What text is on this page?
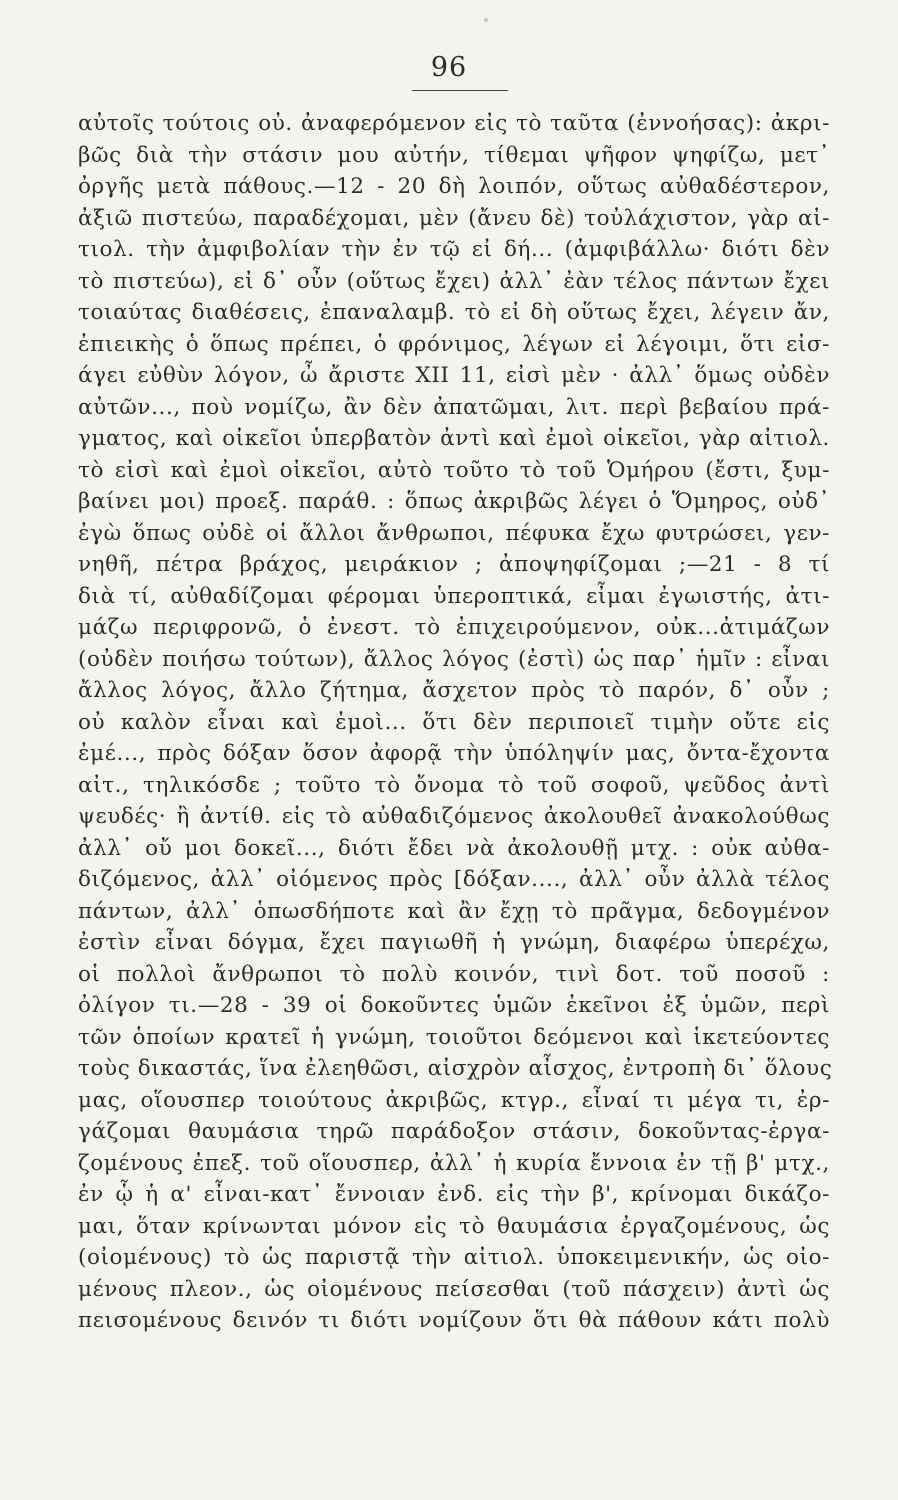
96
αὐτοῖς τούτοις οὐ. ἀναφερόμενον εἰς τὸ ταῦτα (ἐννοήσας): ἀκρι-
βῶς διὰ τὴν στάσιν μου αὐτήν, τίθεμαι ψῆφον ψηφίζω, μετ᾽
ὀργῆς μετὰ πάθους.—12 - 20 δὴ λοιπόν, οὕτως αὐθαδέστερον,
ἀξιῶ πιστεύω, παραδέχομαι, μὲν (ἄνευ δὲ) τοὐλάχιστον, γὰρ αἰ-
τιολ. τὴν ἀμφιβολίαν τὴν ἐν τῷ εἰ δή... (ἀμφιβάλλω· διότι δὲν
τὸ πιστεύω), εἰ δ᾽ οὖν (οὕτως ἔχει) ἀλλ᾽ ἐὰν τέλος πάντων ἔχει
τοιαύτας διαθέσεις, ἐπαναλαμβ. τὸ εἰ δὴ οὕτως ἔχει, λέγειν ἄν,
ἐπιεικὴς ὁ ὅπως πρέπει, ὁ φρόνιμος, λέγων εἰ λέγοιμι, ὅτι εἰσ-
άγει εὐθὺν λόγον, ὦ ἄριστε XII 11, εἰσὶ μὲν · ἀλλ᾽ ὅμως οὐδὲν
αὐτῶν..., ποὺ νομίζω, ἂν δὲν ἀπατῶμαι, λιτ. περὶ βεβαίου πρά-
γματος, καὶ οἰκεῖοι ὑπερβατὸν ἀντὶ καὶ ἐμοὶ οἰκεῖοι, γὰρ αἰτιολ.
τὸ εἰσὶ καὶ ἐμοὶ οἰκεῖοι, αὐτὸ τοῦτο τὸ τοῦ Ὁμήρου (ἔστι, ξυμ-
βαίνει μοι) προεξ. παράθ. : ὅπως ἀκριβῶς λέγει ὁ Ὅμηρος, οὐδ᾽
ἐγὼ ὅπως οὐδὲ οἱ ἄλλοι ἄνθρωποι, πέφυκα ἔχω φυτρώσει, γεν-
νηθῆ, πέτρα βράχος, μειράκιον ; ἀποψηφίζομαι ;—21 - 8 τί
διὰ τί, αὐθαδίζομαι φέρομαι ὑπεροπτικά, εἶμαι ἐγωιστής, ἀτι-
μάζω περιφρονῶ, ὁ ἐνεστ. τὸ ἐπιχειρούμενον, οὐκ...ἀτιμάζων
(οὐδὲν ποιήσω τούτων), ἄλλος λόγος (ἐστὶ) ὡς παρ᾽ ἡμῖν : εἶναι
ἄλλος λόγος, ἄλλο ζήτημα, ἄσχετον πρὸς τὸ παρόν, δ᾽ οὖν ;
οὐ καλὸν εἶναι καὶ ἐμοὶ... ὅτι δὲν περιποιεῖ τιμὴν οὔτε εἰς
ἐμέ..., πρὸς δόξαν ὅσον ἀφορᾷ τὴν ὑπόληψίν μας, ὄντα-ἔχοντα
αἰτ., τηλικόσδε ; τοῦτο τὸ ὄνομα τὸ τοῦ σοφοῦ, ψεῦδος ἀντὶ
ψευδές· ἢ ἀντίθ. εἰς τὸ αὐθαδιζόμενος ἀκολουθεῖ ἀνακολούθως
ἀλλ᾽ οὔ μοι δοκεῖ..., διότι ἔδει νὰ ἀκολουθῇ μτχ. : οὐκ αὐθα-
διζόμενος, ἀλλ᾽ οἰόμενος πρὸς [δόξαν...., ἀλλ᾽ οὖν ἀλλὰ τέλος
πάντων, ἀλλ᾽ ὁπωσδήποτε καὶ ἂν ἔχῃ τὸ πρᾶγμα, δεδογμένον
ἐστὶν εἶναι δόγμα, ἔχει παγιωθῆ ἡ γνώμη, διαφέρω ὑπερέχω,
οἱ πολλοὶ ἄνθρωποι τὸ πολὺ κοινόν, τινὶ δοτ. τοῦ ποσοῦ :
ὀλίγον τι.—28 - 39 οἱ δοκοῦντες ὑμῶν ἐκεῖνοι ἐξ ὑμῶν, περὶ
τῶν ὁποίων κρατεῖ ἡ γνώμη, τοιοῦτοι δεόμενοι καὶ ἱκετεύοντες
τοὺς δικαστάς, ἵνα ἐλεηθῶσι, αἰσχρὸν αἶσχος, ἐντροπὴ δι᾽ ὅλους
μας, οἵουσπερ τοιούτους ἀκριβῶς, κτγρ., εἶναί τι μέγα τι, ἐρ-
γάζομαι θαυμάσια τηρῶ παράδοξον στάσιν, δοκοῦντας-ἐργα-
ζομένους ἐπεξ. τοῦ οἵουσπερ, ἀλλ᾽ ἡ κυρία ἔννοια ἐν τῇ β' μτχ.,
ἐν ᾧ ἡ α' εἶναι-κατ᾽ ἔννοιαν ἐνδ. εἰς τὴν β', κρίνομαι δικάζο-
μαι, ὅταν κρίνωνται μόνον εἰς τὸ θαυμάσια ἐργαζομένους, ὡς
(οἰομένους) τὸ ὡς παριστᾷ τὴν αἰτιολ. ὑποκειμενικήν, ὡς οἰο-
μένους πλεον., ὡς οἰομένους πείσεσθαι (τοῦ πάσχειν) ἀντὶ ὡς
πεισομένους δεινόν τι διότι νομίζουν ὅτι θὰ πάθουν κάτι πολὺ
